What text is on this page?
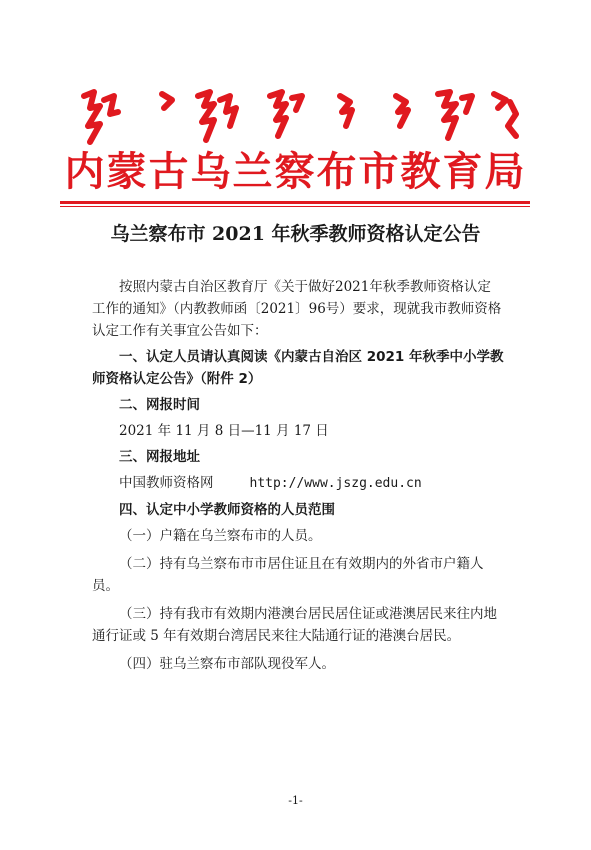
内蒙古乌兰察布市教育局
乌兰察布市 2021 年秋季教师资格认定公告

按照内蒙古自治区教育厅《关于做好2021年秋季教师资格认定工作的通知》（内教教师函〔2021〕96号）要求，现就我市教师资格认定工作有关事宜公告如下：

一、认定人员请认真阅读《内蒙古自治区 2021 年秋季中小学教师资格认定公告》（附件 2）

二、网报时间

2021 年 11 月 8 日—11 月 17 日

三、网报地址

中国教师资格网	http://www.jszg.edu.cn

四、认定中小学教师资格的人员范围

（一）户籍在乌兰察布市的人员。

（二）持有乌兰察布市市居住证且在有效期内的外省市户籍人员。

（三）持有我市有效期内港澳台居民居住证或港澳居民来往内地通行证或 5 年有效期台湾居民来往大陆通行证的港澳台居民。

（四）驻乌兰察布市部队现役军人。

-1-
